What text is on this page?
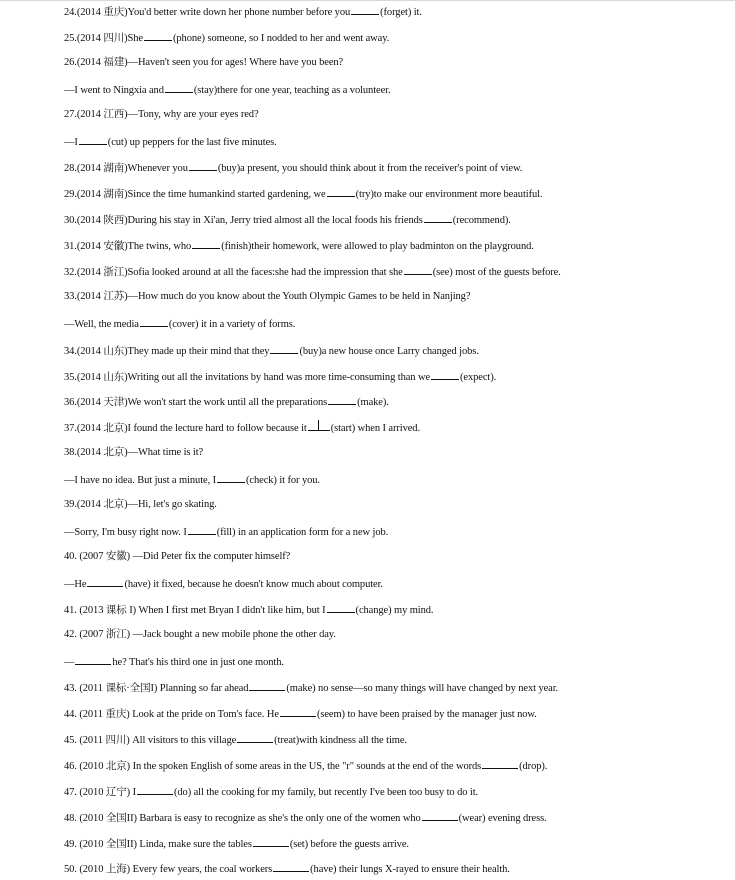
24.(2014 重庆)You'd better write down her phone number before you	(forget) it.
25.(2014 四川)She	(phone) someone, so I nodded to her and went away.
26.(2014 福建)—Haven't seen you for ages! Where have you been?
—I went to Ningxia and	(stay)there for one year, teaching as a volunteer.
27.(2014 江西)—Tony, why are your eyes red?
—I	(cut) up peppers for the last five minutes.
28.(2014 湖南)Whenever you	(buy)a present, you should think about it from the receiver's point of view.
29.(2014 湖南)Since the time humankind started gardening, we	(try)to make our environment more beautiful.
30.(2014 陕西)During his stay in Xi'an, Jerry tried almost all the local foods his friends	(recommend).
31.(2014 安徽)The twins, who	(finish)their homework, were allowed to play badminton on the playground.
32.(2014 浙江)Sofia looked around at all the faces:she had the impression that she	(see) most of the guests before.
33.(2014 江苏)—How much do you know about the Youth Olympic Games to be held in Nanjing?
—Well, the media	(cover) it in a variety of forms.
34.(2014 山东)They made up their mind that they	(buy)a new house once Larry changed jobs.
35.(2014 山东)Writing out all the invitations by hand was more time-consuming than we	(expect).
36.(2014 天津)We won't start the work until all the preparations	(make).
37.(2014 北京)I found the lecture hard to follow because it (start) when I arrived.
38.(2014 北京)—What time is it?
—I have no idea. But just a minute, I	(check) it for you.
39.(2014 北京)—Hi, let's go skating.
—Sorry, I'm busy right now. I	(fill) in an application form for a new job.
40. (2007 安徽) —Did Peter fix the computer himself?
—He	(have) it fixed, because he doesn't know much about computer.
41. (2013 课标 I) When I first met Bryan I didn't like him, but I	(change) my mind.
42. (2007 浙江) —Jack bought a new mobile phone the other day.
—	he? That's his third one in just one month.
43. (2011 课标·全国I) Planning so far ahead	(make) no sense—so many things will have changed by next year.
44. (2011 重庆) Look at the pride on Tom's face. He	(seem) to have been praised by the manager just now.
45. (2011 四川) All visitors to this village	(treat)with kindness all the time.
46. (2010 北京) In the spoken English of some areas in the US, the "r" sounds at the end of the words	(drop).
47. (2010 辽宁) I	(do) all the cooking for my family, but recently I've been too busy to do it.
48. (2010 全国II) Barbara is easy to recognize as she's the only one of the women who	(wear) evening dress.
49. (2010 全国II) Linda, make sure the tables	(set) before the guests arrive.
50. (2010 上海) Every few years, the coal workers	(have) their lungs X-rayed to ensure their health.
